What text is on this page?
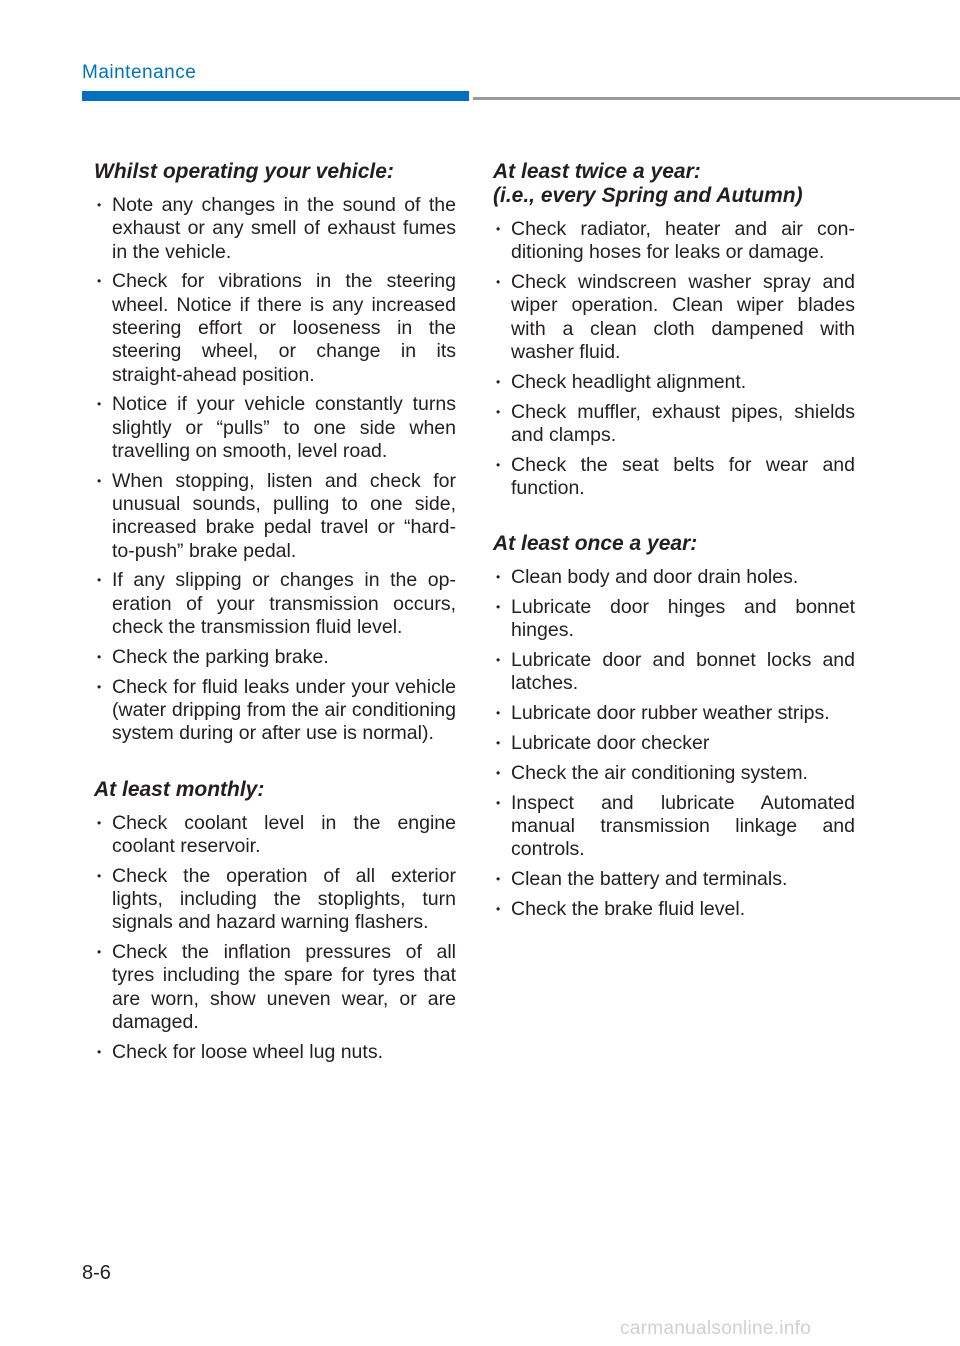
Maintenance
Whilst operating your vehicle:
• Note any changes in the sound of the exhaust or any smell of exhaust fumes in the vehicle.
• Check for vibrations in the steering wheel. Notice if there is any increased steering effort or looseness in the steering wheel, or change in its straight-ahead position.
• Notice if your vehicle constantly turns slightly or “pulls” to one side when travelling on smooth, level road.
• When stopping, listen and check for unusual sounds, pulling to one side, increased brake pedal travel or “hard-to-push” brake pedal.
• If any slipping or changes in the operation of your transmission occurs, check the transmission fluid level.
• Check the parking brake.
• Check for fluid leaks under your vehicle (water dripping from the air conditioning system during or after use is normal).
At least monthly:
• Check coolant level in the engine coolant reservoir.
• Check the operation of all exterior lights, including the stoplights, turn signals and hazard warning flashers.
• Check the inflation pressures of all tyres including the spare for tyres that are worn, show uneven wear, or are damaged.
• Check for loose wheel lug nuts.
At least twice a year:
(i.e., every Spring and Autumn)
• Check radiator, heater and air conditioning hoses for leaks or damage.
• Check windscreen washer spray and wiper operation. Clean wiper blades with a clean cloth dampened with washer fluid.
• Check headlight alignment.
• Check muffler, exhaust pipes, shields and clamps.
• Check the seat belts for wear and function.
At least once a year:
• Clean body and door drain holes.
• Lubricate door hinges and bonnet hinges.
• Lubricate door and bonnet locks and latches.
• Lubricate door rubber weather strips.
• Lubricate door checker
• Check the air conditioning system.
• Inspect and lubricate Automated manual transmission linkage and controls.
• Clean the battery and terminals.
• Check the brake fluid level.
8-6
carmanualsonline.info
